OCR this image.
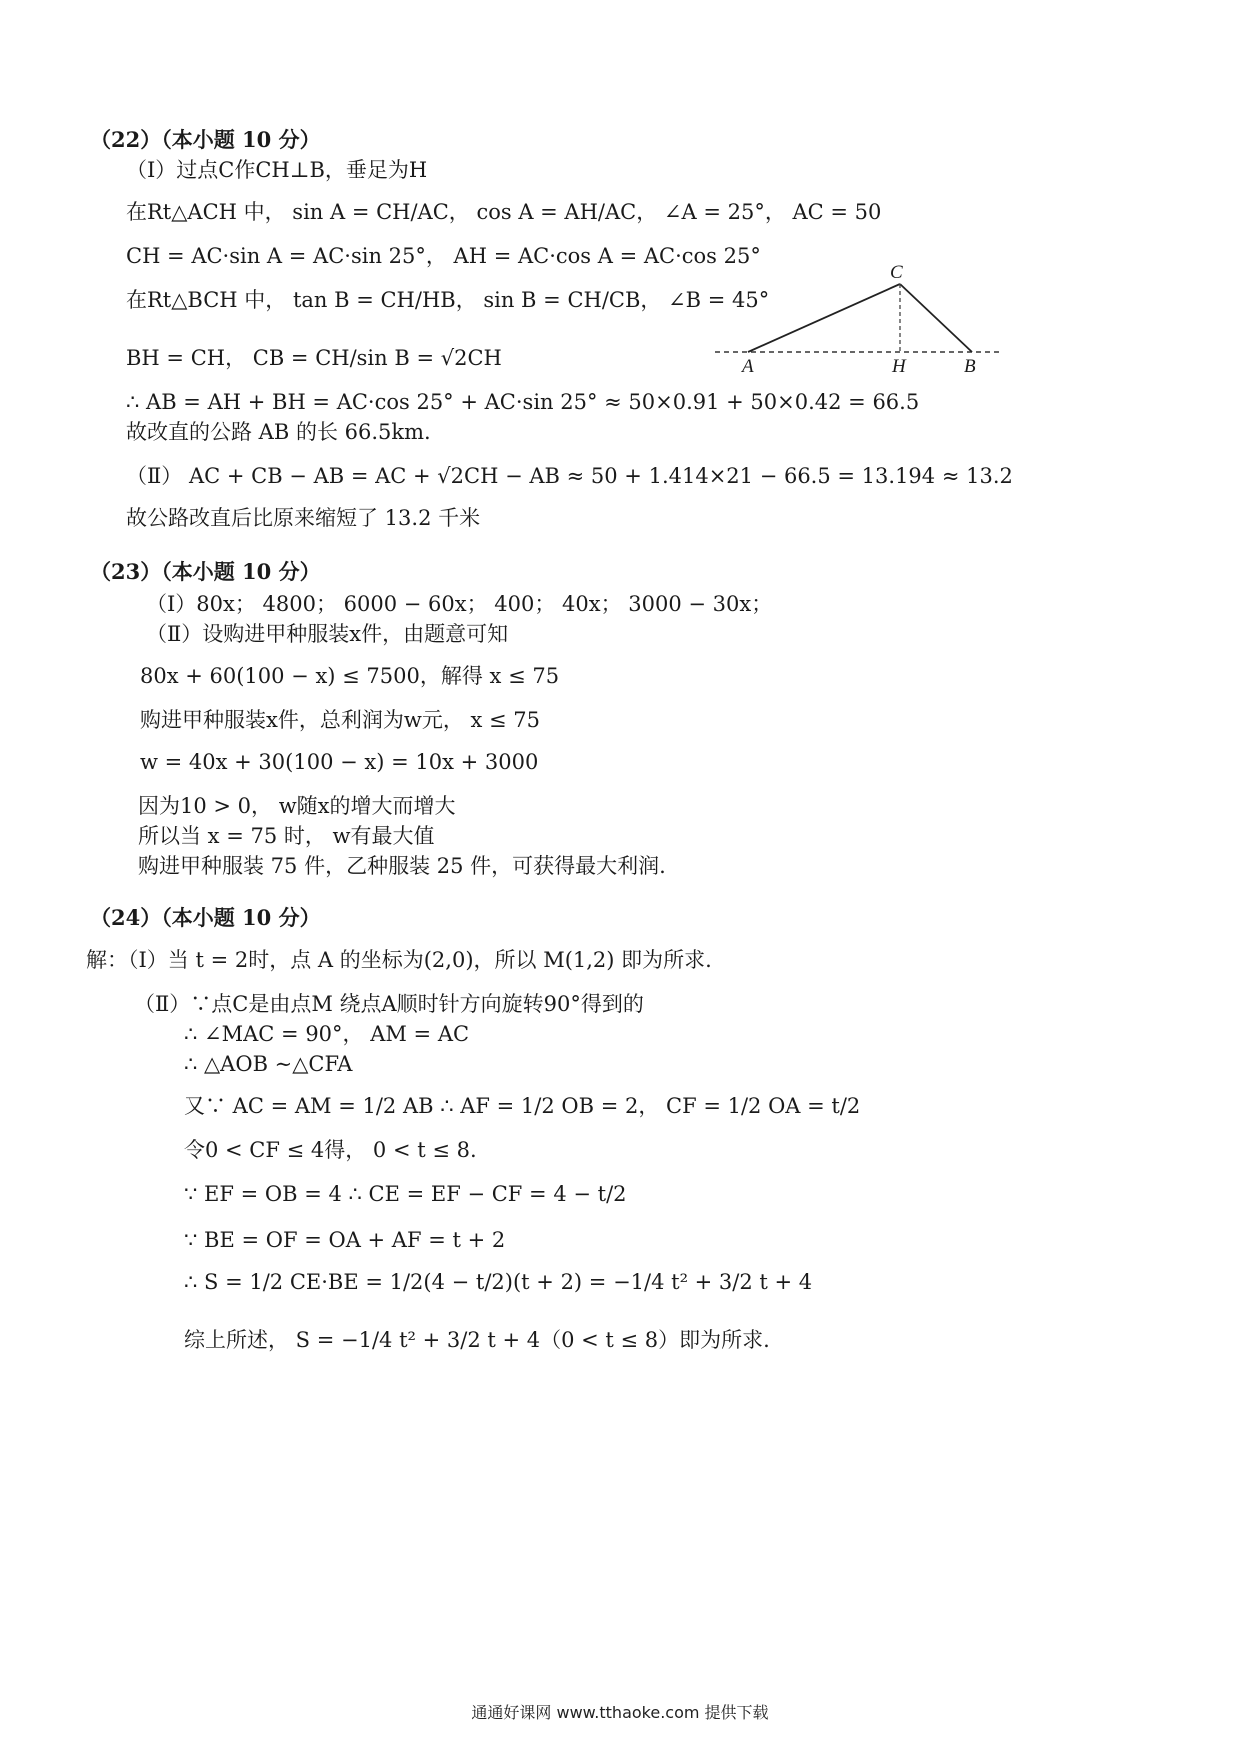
（22）（本小题 10 分）
（Ⅰ）过点C作CH⊥B，垂足为H
在Rt△ACH 中， sin A = CH/AC， cos A = AH/AC， ∠A = 25°， AC = 50
CH = AC·sin A = AC·sin 25°， AH = AC·cos A = AC·cos 25°
在Rt△BCH 中， tan B = CH/HB， sin B = CH/CB， ∠B = 45°
BH = CH， CB = CH/sin B = √2CH
∴ AB = AH + BH = AC·cos 25° + AC·sin 25° ≈ 50×0.91 + 50×0.42 = 66.5
故改直的公路 AB 的长 66.5km.
（Ⅱ） AC + CB − AB = AC + √2CH − AB ≈ 50 + 1.414×21 − 66.5 = 13.194 ≈ 13.2
故公路改直后比原来缩短了 13.2 千米
C
A	H	B
（23）（本小题 10 分）
（Ⅰ）80x； 4800； 6000 − 60x； 400； 40x； 3000 − 30x；
（Ⅱ）设购进甲种服装x件，由题意可知
80x + 60(100 − x) ≤ 7500，解得 x ≤ 75
购进甲种服装x件，总利润为w元， x ≤ 75
w = 40x + 30(100 − x) = 10x + 3000
因为10 > 0， w随x的增大而增大
所以当 x = 75 时， w有最大值
购进甲种服装 75 件，乙种服装 25 件，可获得最大利润.
（24）（本小题 10 分）
解：（Ⅰ）当 t = 2时，点 A 的坐标为(2,0)，所以 M(1,2) 即为所求.
（Ⅱ）∵点C是由点M 绕点A顺时针方向旋转90°得到的
∴ ∠MAC = 90°， AM = AC
∴ △AOB ∼△CFA
又∵ AC = AM = 1/2 AB ∴ AF = 1/2 OB = 2， CF = 1/2 OA = t/2
令0 < CF ≤ 4得， 0 < t ≤ 8.
∵ EF = OB = 4 ∴ CE = EF − CF = 4 − t/2
∵ BE = OF = OA + AF = t + 2
∴ S = 1/2 CE·BE = 1/2(4 − t/2)(t + 2) = −1/4 t² + 3/2 t + 4
综上所述， S = −1/4 t² + 3/2 t + 4（0 < t ≤ 8）即为所求.
通通好课网 www.tthaoke.com 提供下载
